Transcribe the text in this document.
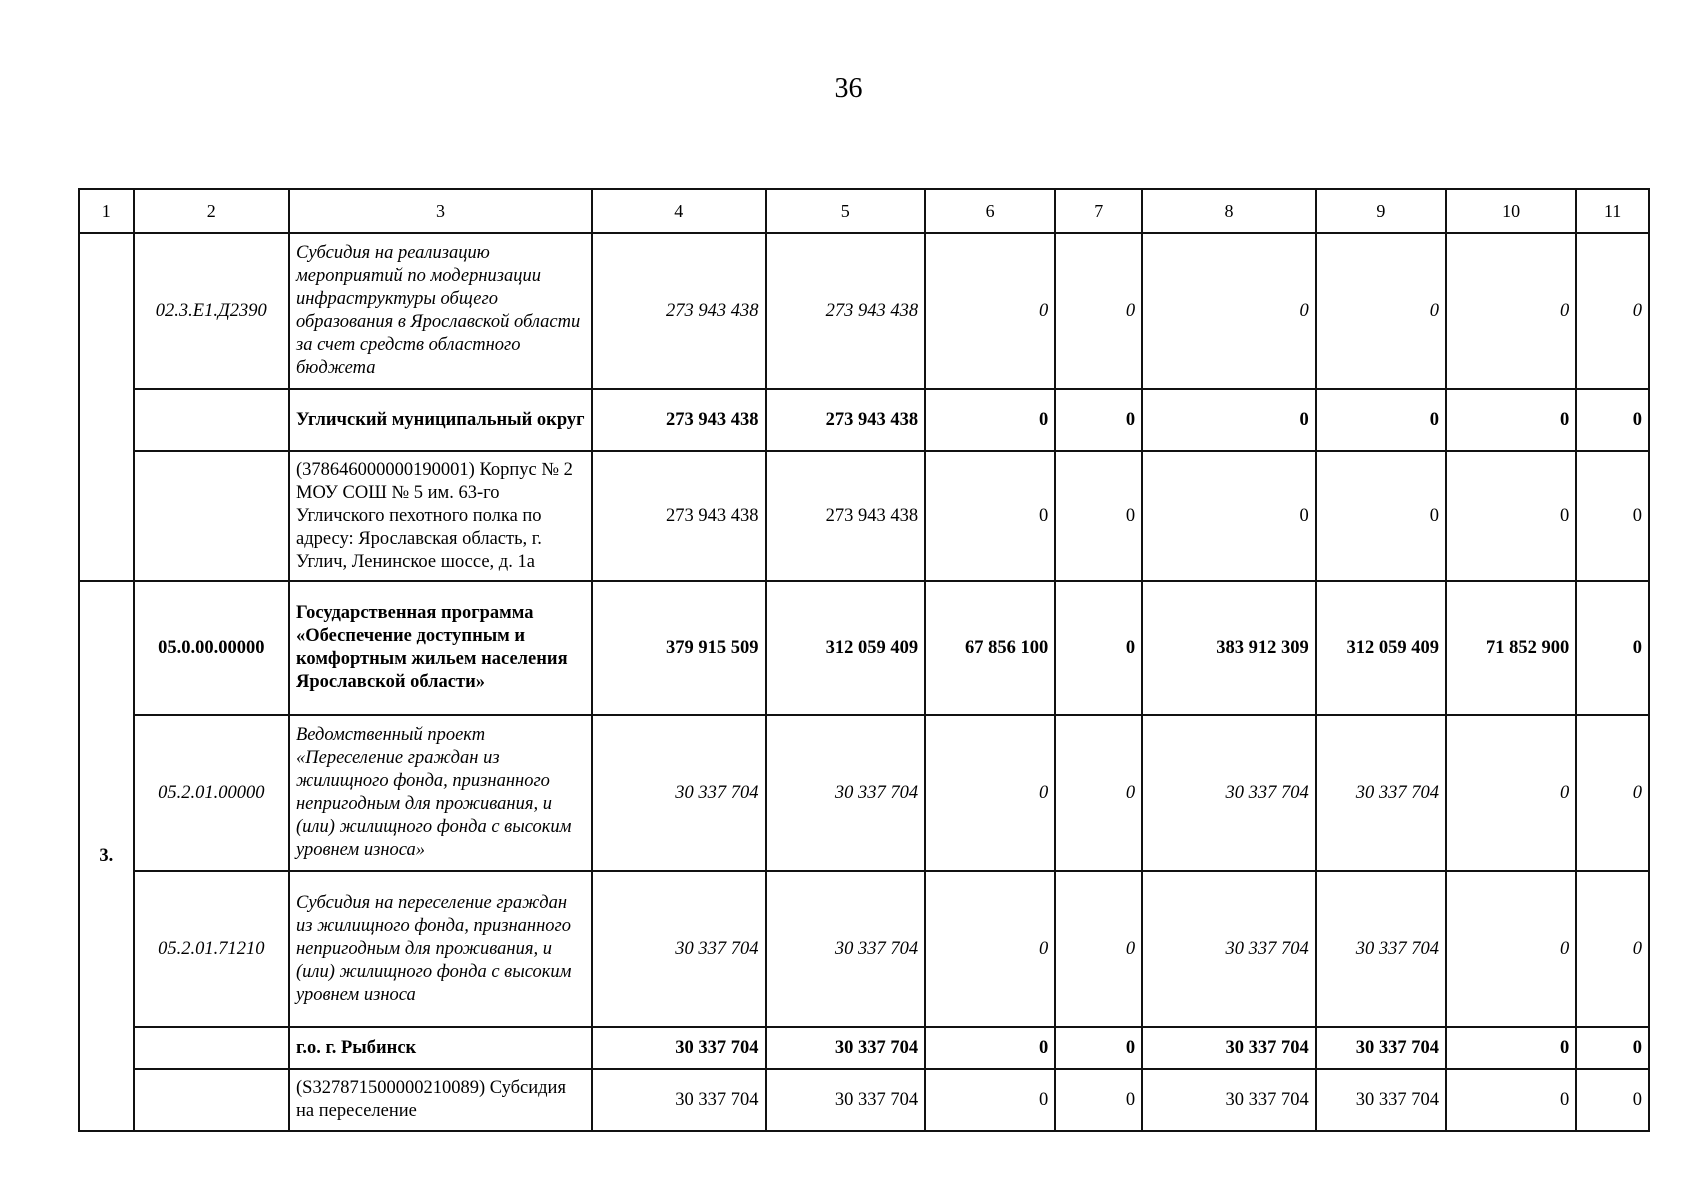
36
1	2	3	4	5	6	7	8	9	10	11
	02.3.E1.Д2390	Субсидия на реализацию мероприятий по модернизации инфраструктуры общего образования в Ярославской области за счет средств областного бюджета	273 943 438	273 943 438	0	0	0	0	0	0
		Угличский муниципальный округ	273 943 438	273 943 438	0	0	0	0	0	0
		(378646000000190001) Корпус № 2 МОУ СОШ № 5 им. 63-го Угличского пехотного полка по адресу: Ярославская область, г. Углич, Ленинское шоссе, д. 1а	273 943 438	273 943 438	0	0	0	0	0	0
3.	05.0.00.00000	Государственная программа «Обеспечение доступным и комфортным жильем населения Ярославской области»	379 915 509	312 059 409	67 856 100	0	383 912 309	312 059 409	71 852 900	0
	05.2.01.00000	Ведомственный проект «Переселение граждан из жилищного фонда, признанного непригодным для проживания, и (или) жилищного фонда с высоким уровнем износа»	30 337 704	30 337 704	0	0	30 337 704	30 337 704	0	0
	05.2.01.71210	Субсидия на переселение граждан из жилищного фонда, признанного непригодным для проживания, и (или) жилищного фонда с высоким уровнем износа	30 337 704	30 337 704	0	0	30 337 704	30 337 704	0	0
		г.о. г. Рыбинск	30 337 704	30 337 704	0	0	30 337 704	30 337 704	0	0
		(S327871500000210089) Субсидия на переселение	30 337 704	30 337 704	0	0	30 337 704	30 337 704	0	0
